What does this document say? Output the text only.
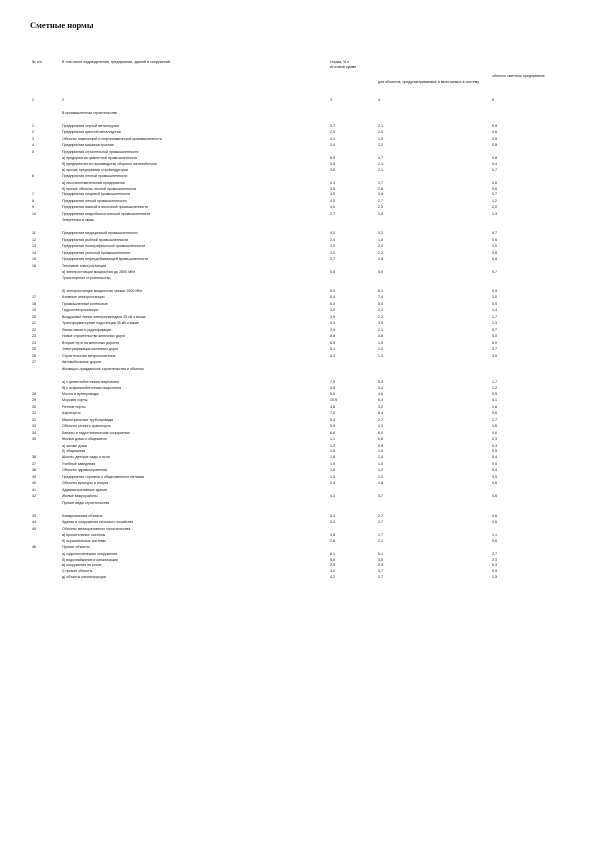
Сметные нормы
№ п/п	В том числе подразделения, предприятия, зданий и сооружений	Норма, % к итоговой сумме
для объектов, предусматриваемых и включаемых в систему
объекты сметного предприятия
1	2	3	4	5
В промышленном строительстве
1	Предприятия черной металлургии	3,7	2,1	0,5
2	Предприятия цветной металлургии	2,9	2,0	0,6
3	Объекты химической и нефтехимической промышленности	4,1	1,5	2,5
4	Предприятия машиностроения	3,0	2,2	0,8
5	Предприятия строительной промышленности
а) предприятия цементной промышленности	6,0	4,7	0,8
б) предприятия по производству сборного железобетона	3,5	2,1	0,4
в) прочие предприятия стройиндустрии	3,8	2,1	0,7
6	Предприятия лесной промышленности
а) лесозаготовительные предприятия	4,3	3,7	0,6
б) прочие объекты лесной промышленности	3,5	2,8	0,6
7	Предприятия пищевой промышленности	4,5	3,8	0,7
8	Предприятия легкой промышленности	4,0	2,7	1,2
9	Предприятия мясной и молочной промышленности	4,0	2,0	2,0
10	Предприятия микробиологической промышленности	2,7	1,4	1,3
Энергетика и связь
11	Предприятия медицинской промышленности	4,0	3,3	0,7
12	Предприятия рыбной промышленности	2,4	1,8	0,6
13	Предприятия полиграфической промышленности	3,0	2,0	1,0
14	Предприятия угольной промышленности	3,0	2,2	0,8
15	Предприятия нефтедобывающей промышленности	3,7	2,8	0,8
16	Тепловые электростанции
а) электростанции мощностью до 2500 МВт	5,5	5,0	0,7
Транспортное строительство
б) электростанции мощностью свыше 2500 МВт	6,5	6,1	0,5
17	Атомные электростанции	8,4	7,4	1,0
18	Промышленные котельные	6,0	5,5	0,5
19	Гидроэлектростанции	3,5	2,1	1,4
20	Воздушные линии электропередачи 35 кВ и выше	3,9	2,2	1,7
21	Трансформаторные подстанции 35 кВ и выше	4,3	3,0	1,3
22	Линии связи и радиофикации	2,9	2,1	0,7
23	Новое строительство железных дорог	8,8	3,8	5,0
24	Вторые пути на железных дорогах	6,5	1,5	5,0
25	Электрификация железных дорог	5,1	1,4	3,7
26	Строительство метрополитенов	4,3	1,3	3,0
27	Автомобильные дороги
Жилищно-гражданское строительство и объекты
а) с цементобетонным покрытием	7,0	5,3	1,7
б) с асфальтобетонным покрытием	4,5	3,4	1,2
28	Мосты и путепроводы	5,5	4,6	0,9
29	Морские порты	10,5	6,4	4,1
30	Речные порты	4,8	3,2	1,6
31	Аэропорты	7,0	6,4	0,6
32	Магистральные трубопроводы	5,4	2,7	2,7
33	Объекты речного транспорта	5,9	4,3	1,6
34	Каналы и гидротехнические сооружения	6,6	6,0	0,6
35	Жилые дома и общежития	1,1	0,8	0,3
а) жилые дома	1,2	0,9	0,3
б) общежития	1,5	1,0	0,5
36	Школы, детские сады и ясли	1,8	1,4	0,4
37	Учебные заведения	1,5	1,0	0,5
38	Объекты здравоохранения	1,6	1,2	0,4
39	Предприятия торговли и общественного питания	1,5	1,0	0,5
40	Объекты культуры и спорта	2,4	1,8	0,6
41	Административные здания
42	Жилые микрорайоны	4,3	3,7	0,6
Прочие виды строительства
43	Коммунальные объекты	3,3	2,7	0,6
44	Здания и сооружения сельского хозяйства	3,3	2,7	0,6
45	Объекты мелиоративного строительства
а) оросительные системы	3,8	2,7	1,1
б) осушительные системы	2,8	2,1	0,6
46	Прочие объекты
а) гидротехнические сооружения	8,1	5,4	2,7
б) водоснабжение и канализация	5,8	3,5	2,3
в) сооружения на реках	2,5	2,3	0,3
г) прочие объекты	4,2	3,7	0,5
д) объекты реконструкции	4,2	2,7	1,5
